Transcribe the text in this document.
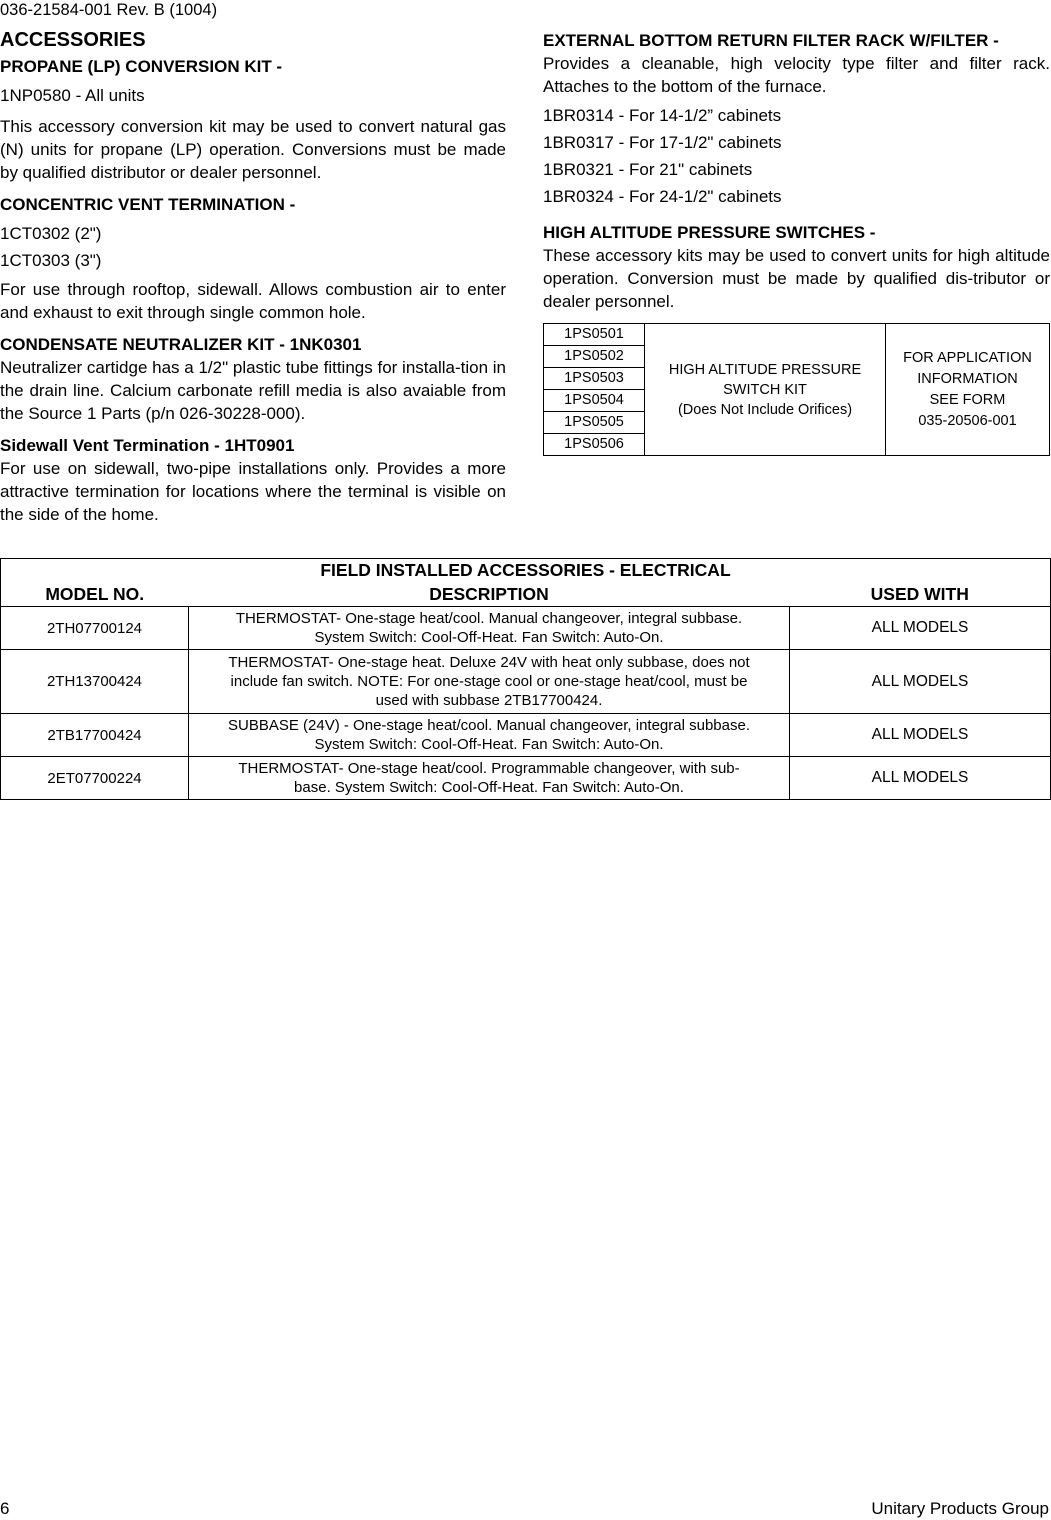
036-21584-001 Rev. B (1004)
ACCESSORIES
PROPANE (LP) CONVERSION KIT -
1NP0580 - All units
This accessory conversion kit may be used to convert natural gas (N) units for propane (LP) operation. Conversions must be made by qualified distributor or dealer personnel.
CONCENTRIC VENT TERMINATION -
1CT0302 (2")
1CT0303 (3")
For use through rooftop, sidewall. Allows combustion air to enter and exhaust to exit through single common hole.
CONDENSATE NEUTRALIZER KIT - 1NK0301
Neutralizer cartidge has a 1/2" plastic tube fittings for installa-tion in the drain line. Calcium carbonate refill media is also avaiable from the Source 1 Parts (p/n 026-30228-000).
Sidewall Vent Termination - 1HT0901
For use on sidewall, two-pipe installations only. Provides a more attractive termination for locations where the terminal is visible on the side of the home.
EXTERNAL BOTTOM RETURN FILTER RACK W/FILTER -
Provides a cleanable, high velocity type filter and filter rack. Attaches to the bottom of the furnace.
1BR0314 - For 14-1/2” cabinets
1BR0317 - For 17-1/2" cabinets
1BR0321 - For 21" cabinets
1BR0324 - For 24-1/2" cabinets
HIGH ALTITUDE PRESSURE SWITCHES -
These accessory kits may be used to convert units for high altitude operation. Conversion must be made by qualified dis-tributor or dealer personnel.
1PS0501	
HIGH ALTITUDE PRESSURE
SWITCH KIT
(Does Not Include Orifices)

FOR APPLICATION
INFORMATION
SEE FORM
035-20506-001

1PS0502
1PS0503
1PS0504
1PS0505
1PS0506
FIELD INSTALLED ACCESSORIES - ELECTRICAL		
MODEL NO.	DESCRIPTION	USED WITH
2TH07700124	THERMOSTAT- One-stage heat/cool. Manual changeover, integral subbase.
System Switch: Cool-Off-Heat. Fan Switch: Auto-On.	ALL MODELS
2TH13700424	THERMOSTAT- One-stage heat. Deluxe 24V with heat only subbase, does not
include fan switch. NOTE: For one-stage cool or one-stage heat/cool, must be
used with subbase 2TB17700424.	ALL MODELS
2TB17700424	SUBBASE (24V) - One-stage heat/cool. Manual changeover, integral subbase.
System Switch: Cool-Off-Heat. Fan Switch: Auto-On.	ALL MODELS
2ET07700224	THERMOSTAT- One-stage heat/cool. Programmable changeover, with sub-
base. System Switch: Cool-Off-Heat. Fan Switch: Auto-On.	ALL MODELS
6	Unitary Products Group
